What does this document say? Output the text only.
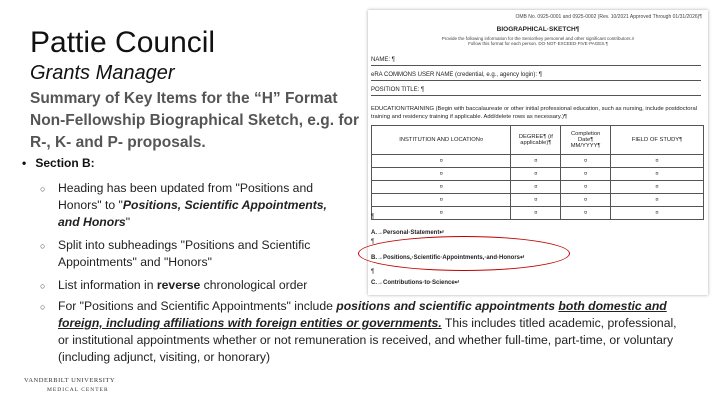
Pattie Council
Grants Manager
Summary of Key Items for the “H” Format Non-Fellowship Biographical Sketch, e.g. for R-, K- and P- proposals.
• Section B:
○ Heading has been updated from "Positions and Honors" to "Positions, Scientific Appointments, and Honors"
○ Split into subheadings "Positions and Scientific Appointments" and "Honors"
○ List information in reverse chronological order
○ For "Positions and Scientific Appointments" include positions and scientific appointments both domestic and foreign, including affiliations with foreign entities or governments. This includes titled academic, professional, or institutional appointments whether or not remuneration is received, and whether full-time, part-time, or voluntary (including adjunct, visiting, or honorary)
OMB No. 0925-0001 and 0925-0002 (Rev. 10/2021 Approved Through 01/31/2026)¶
BIOGRAPHICAL·SKETCH¶
Provide the following information for the Senior/key personnel and other significant contributors.¤
Follow this format for each person. DO·NOT·EXCEED·FIVE·PAGES.¶
NAME: ¶
eRA COMMONS USER NAME (credential, e.g., agency login): ¶
POSITION TITLE: ¶
EDUCATION/TRAINING (Begin with baccalaureate or other initial professional education, such as nursing, include postdoctoral training and residency training if applicable. Add/delete rows as necessary.)¶
INSTITUTION AND LOCATION¤	DEGREE¶ (if applicable)¶	Completion Date¶ MM/YYYY¶	FIELD OF STUDY¶
¤	¤	¤	¤
¤	¤	¤	¤
¤	¤	¤	¤
¤	¤	¤	¤
¤	¤	¤	¤
¶
A.→Personal·Statement↵
¶
B.→Positions,·Scientific·Appointments,·and·Honors↵
¶
C.→Contributions·to·Science↵
VANDERBILT UNIVERSITY
MEDICAL CENTER
